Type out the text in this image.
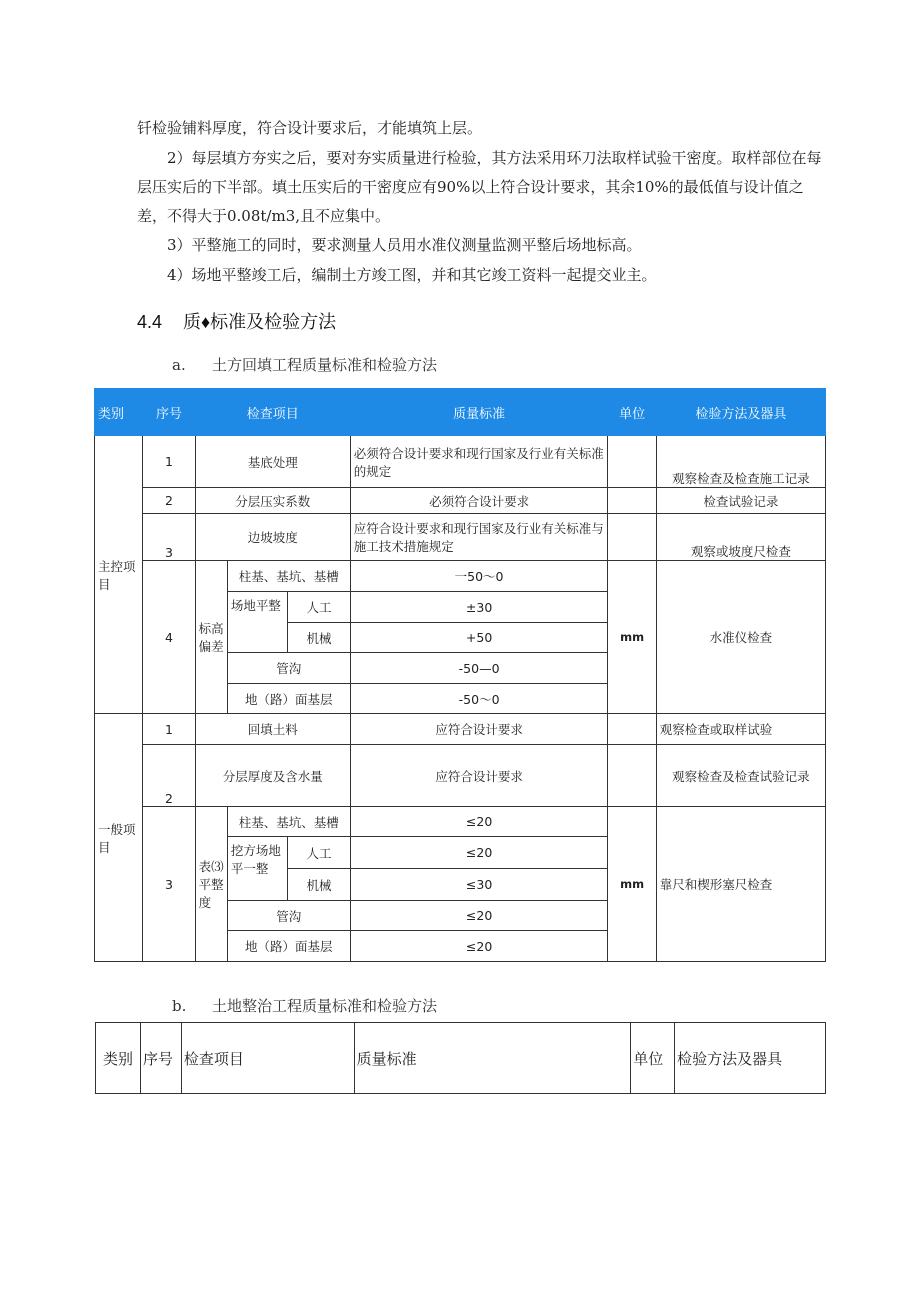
钎检验铺料厚度，符合设计要求后，才能填筑上层。

2）每层填方夯实之后，要对夯实质量进行检验，其方法采用环刀法取样试验干密度。取样部位在每层压实后的下半部。填土压实后的干密度应有90%以上符合设计要求，其余10%的最低值与设计值之差，不得大于0.08t/m3,且不应集中。

3）平整施工的同时，要求测量人员用水准仪测量监测平整后场地标高。

4）场地平整竣工后，编制土方竣工图，并和其它竣工资料一起提交业主。

4.4 质♦标准及检验方法
a. 土方回填工程质量标准和检验方法
类别	序号	检查项目			质量标准	单位	检验方法及器具
主控项目	1	基底处理			必须符合设计要求和现行国家及行业有关标准的规定		观察检查及检查施工记录
	2	分层压实系数			必须符合设计要求		检查试验记录
	3	边坡坡度			应符合设计要求和现行国家及行业有关标准与施工技术措施规定		观察或坡度尺检查
	4	标高偏差	柱基、基坑、基槽		一50～0	mm	水准仪检查
			场地平整	人工	±30		
				机械	+50		
			管沟		-50—0		
			地（路）面基层		-50～0		
一般项目	1	回填土料			应符合设计要求		观察检查或取样试验
	2	分层厚度及含水量			应符合设计要求		观察检查及检查试验记录
	3	表⑶平整度	柱基、基坑、基槽		≤20	mm	靠尺和楔形塞尺检查
			挖方场地平一整	人工	≤20		
				机械	≤30		
			管沟		≤20		
			地（路）面基层		≤20		
b. 土地整治工程质量标准和检验方法
类别	序号	检查项目	质量标准	单位	检验方法及器具
